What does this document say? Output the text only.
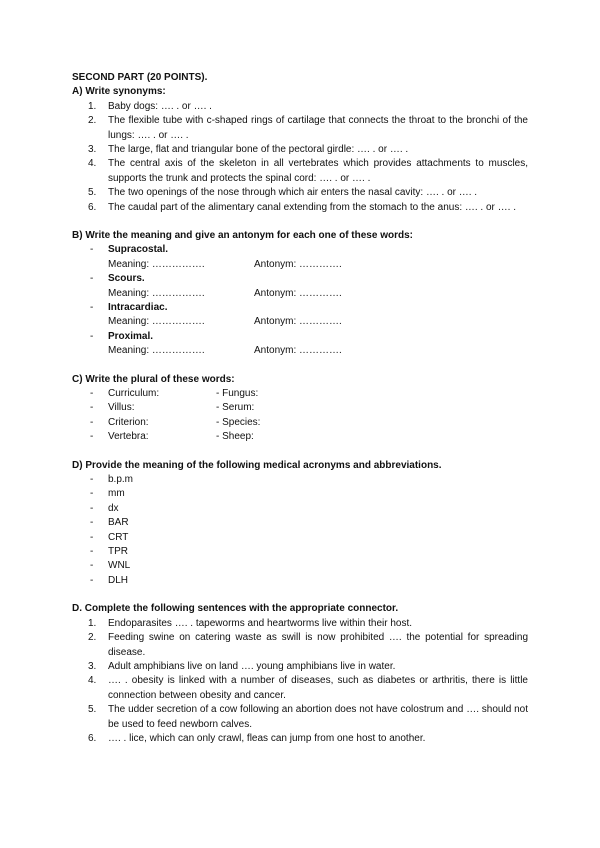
SECOND PART (20 POINTS).
A) Write synonyms:
1. Baby dogs: …. . or …. .
2. The flexible tube with c-shaped rings of cartilage that connects the throat to the bronchi of the lungs: …. . or …. .
3. The large, flat and triangular bone of the pectoral girdle: …. . or …. .
4. The central axis of the skeleton in all vertebrates which provides attachments to muscles, supports the trunk and protects the spinal cord: …. . or …. .
5. The two openings of the nose through which air enters the nasal cavity: …. . or …. .
6. The caudal part of the alimentary canal extending from the stomach to the anus: …. . or …. .
B) Write the meaning and give an antonym for each one of these words:
- Supracostal.
Meaning: …………….	Antonym: ………….
- Scours.
Meaning: …………….	Antonym: ………….
- Intracardiac.
Meaning: …………….	Antonym: ………….
- Proximal.
Meaning: …………….	Antonym: ………….
C) Write the plural of these words:
- Curriculum:	- Fungus:
- Villus:	- Serum:
- Criterion:	- Species:
- Vertebra:	- Sheep:
D) Provide the meaning of the following medical acronyms and abbreviations.
- b.p.m
- mm
- dx
- BAR
- CRT
- TPR
- WNL
- DLH
D. Complete the following sentences with the appropriate connector.
1. Endoparasites …. . tapeworms and heartworms live within their host.
2. Feeding swine on catering waste as swill is now prohibited …. the potential for spreading disease.
3. Adult amphibians live on land …. young amphibians live in water.
4. …. . obesity is linked with a number of diseases, such as diabetes or arthritis, there is little connection between obesity and cancer.
5. The udder secretion of a cow following an abortion does not have colostrum and …. should not be used to feed newborn calves.
6. …. . lice, which can only crawl, fleas can jump from one host to another.
